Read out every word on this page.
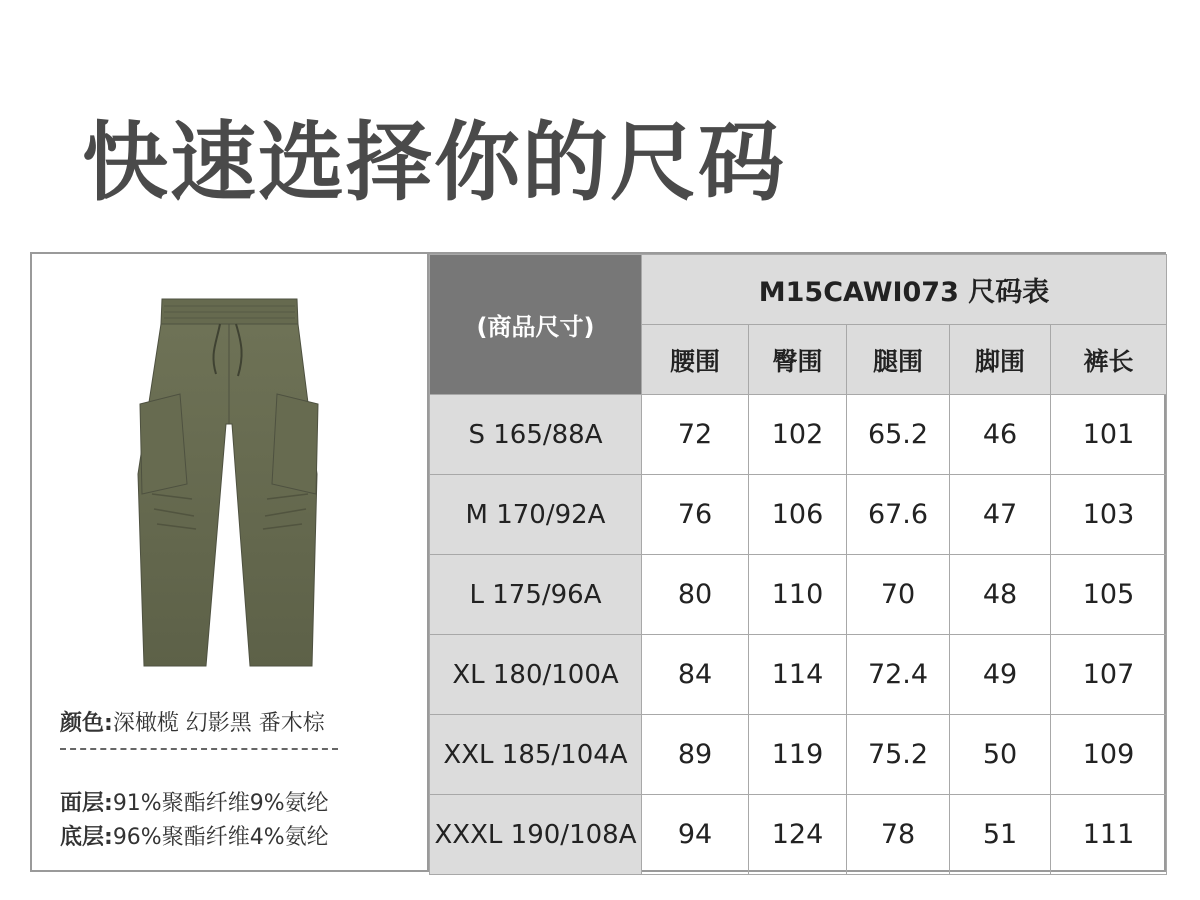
快速选择你的尺码
颜色:深橄榄 幻影黑 番木棕
面层:91%聚酯纤维9%氨纶
底层:96%聚酯纤维4%氨纶
(商品尺寸)	M15CAWI073 尺码表				
	腰围	臀围	腿围	脚围	裤长
S 165/88A	72	102	65.2	46	101
M 170/92A	76	106	67.6	47	103
L 175/96A	80	110	70	48	105
XL 180/100A	84	114	72.4	49	107
XXL 185/104A	89	119	75.2	50	109
XXXL 190/108A	94	124	78	51	111
